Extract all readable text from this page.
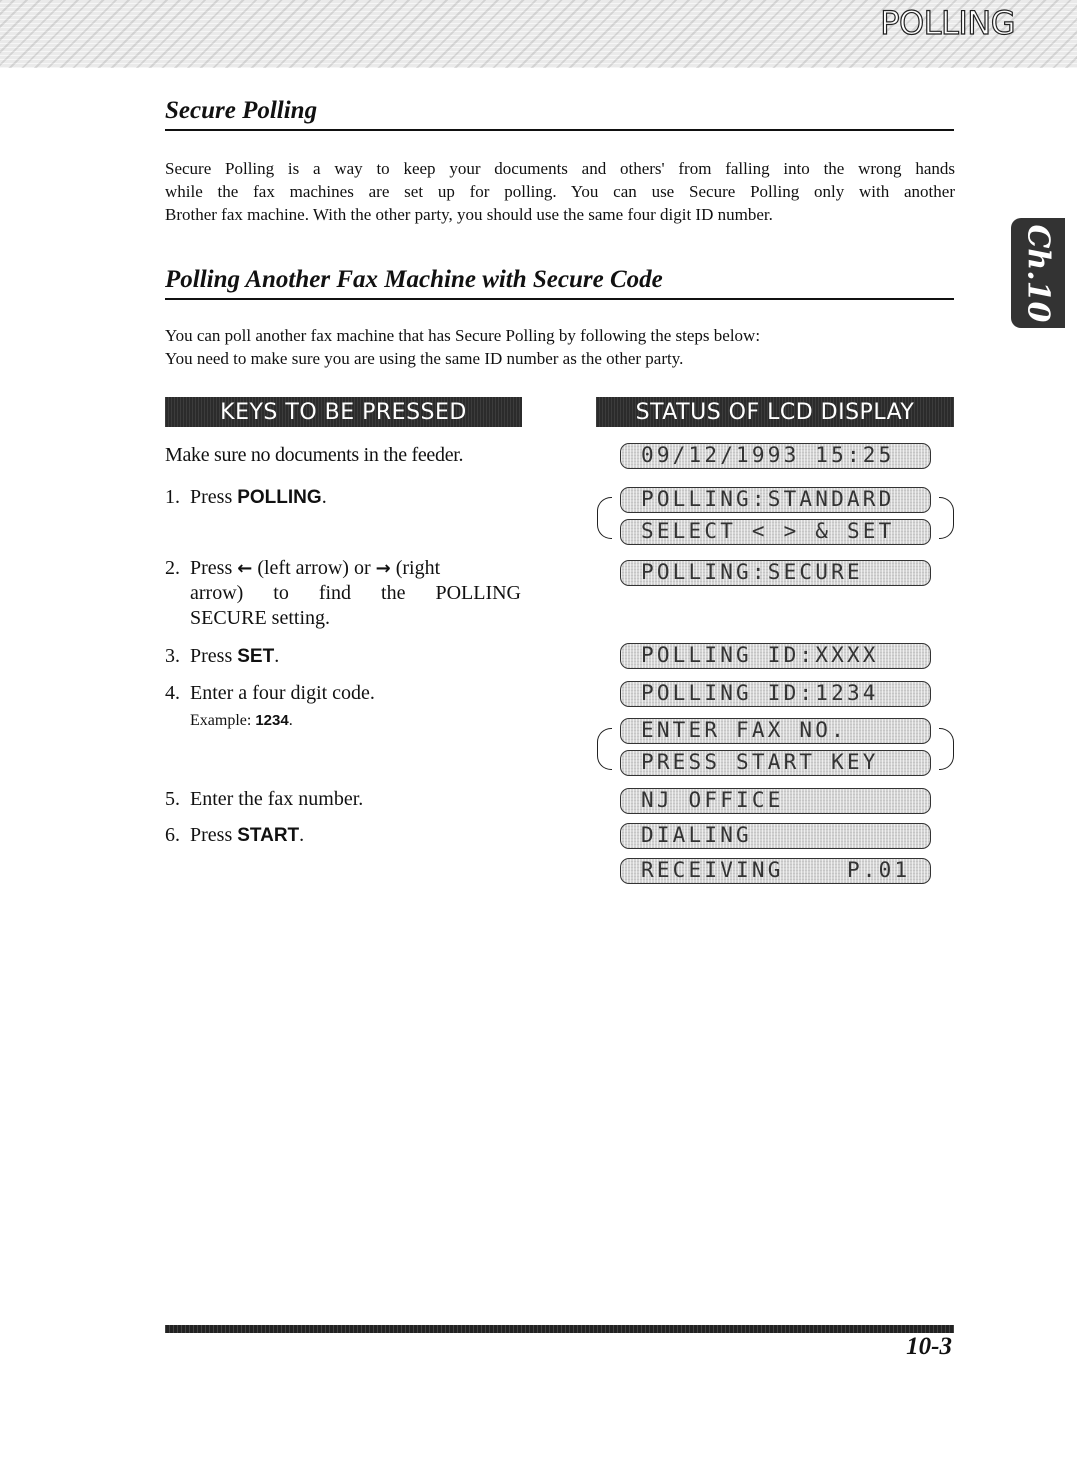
POLLING
Ch.10
Secure Polling
Secure Polling is a way to keep your documents and others' from falling into the wrong hands
while the fax machines are set up for polling. You can use Secure Polling only with another
Brother fax machine. With the other party, you should use the same four digit ID number.
Polling Another Fax Machine with Secure Code
You can poll another fax machine that has Secure Polling by following the steps below:
You need to make sure you are using the same ID number as the other party.
KEYS TO BE PRESSED	STATUS OF LCD DISPLAY
Make sure no documents in the feeder.
1. Press POLLING.
2. Press ← (left arrow) or → (right
arrow) to find the POLLING
SECURE setting.
3. Press SET.
4. Enter a four digit code.
Example: 1234.
5. Enter the fax number.
6. Press START.
09/12/1993 15:25
POLLING:STANDARD
SELECT < > & SET
POLLING:SECURE
POLLING ID:XXXX
POLLING ID:1234
ENTER FAX NO.
PRESS START KEY
NJ OFFICE
DIALING
RECEIVING    P.01
10-3
